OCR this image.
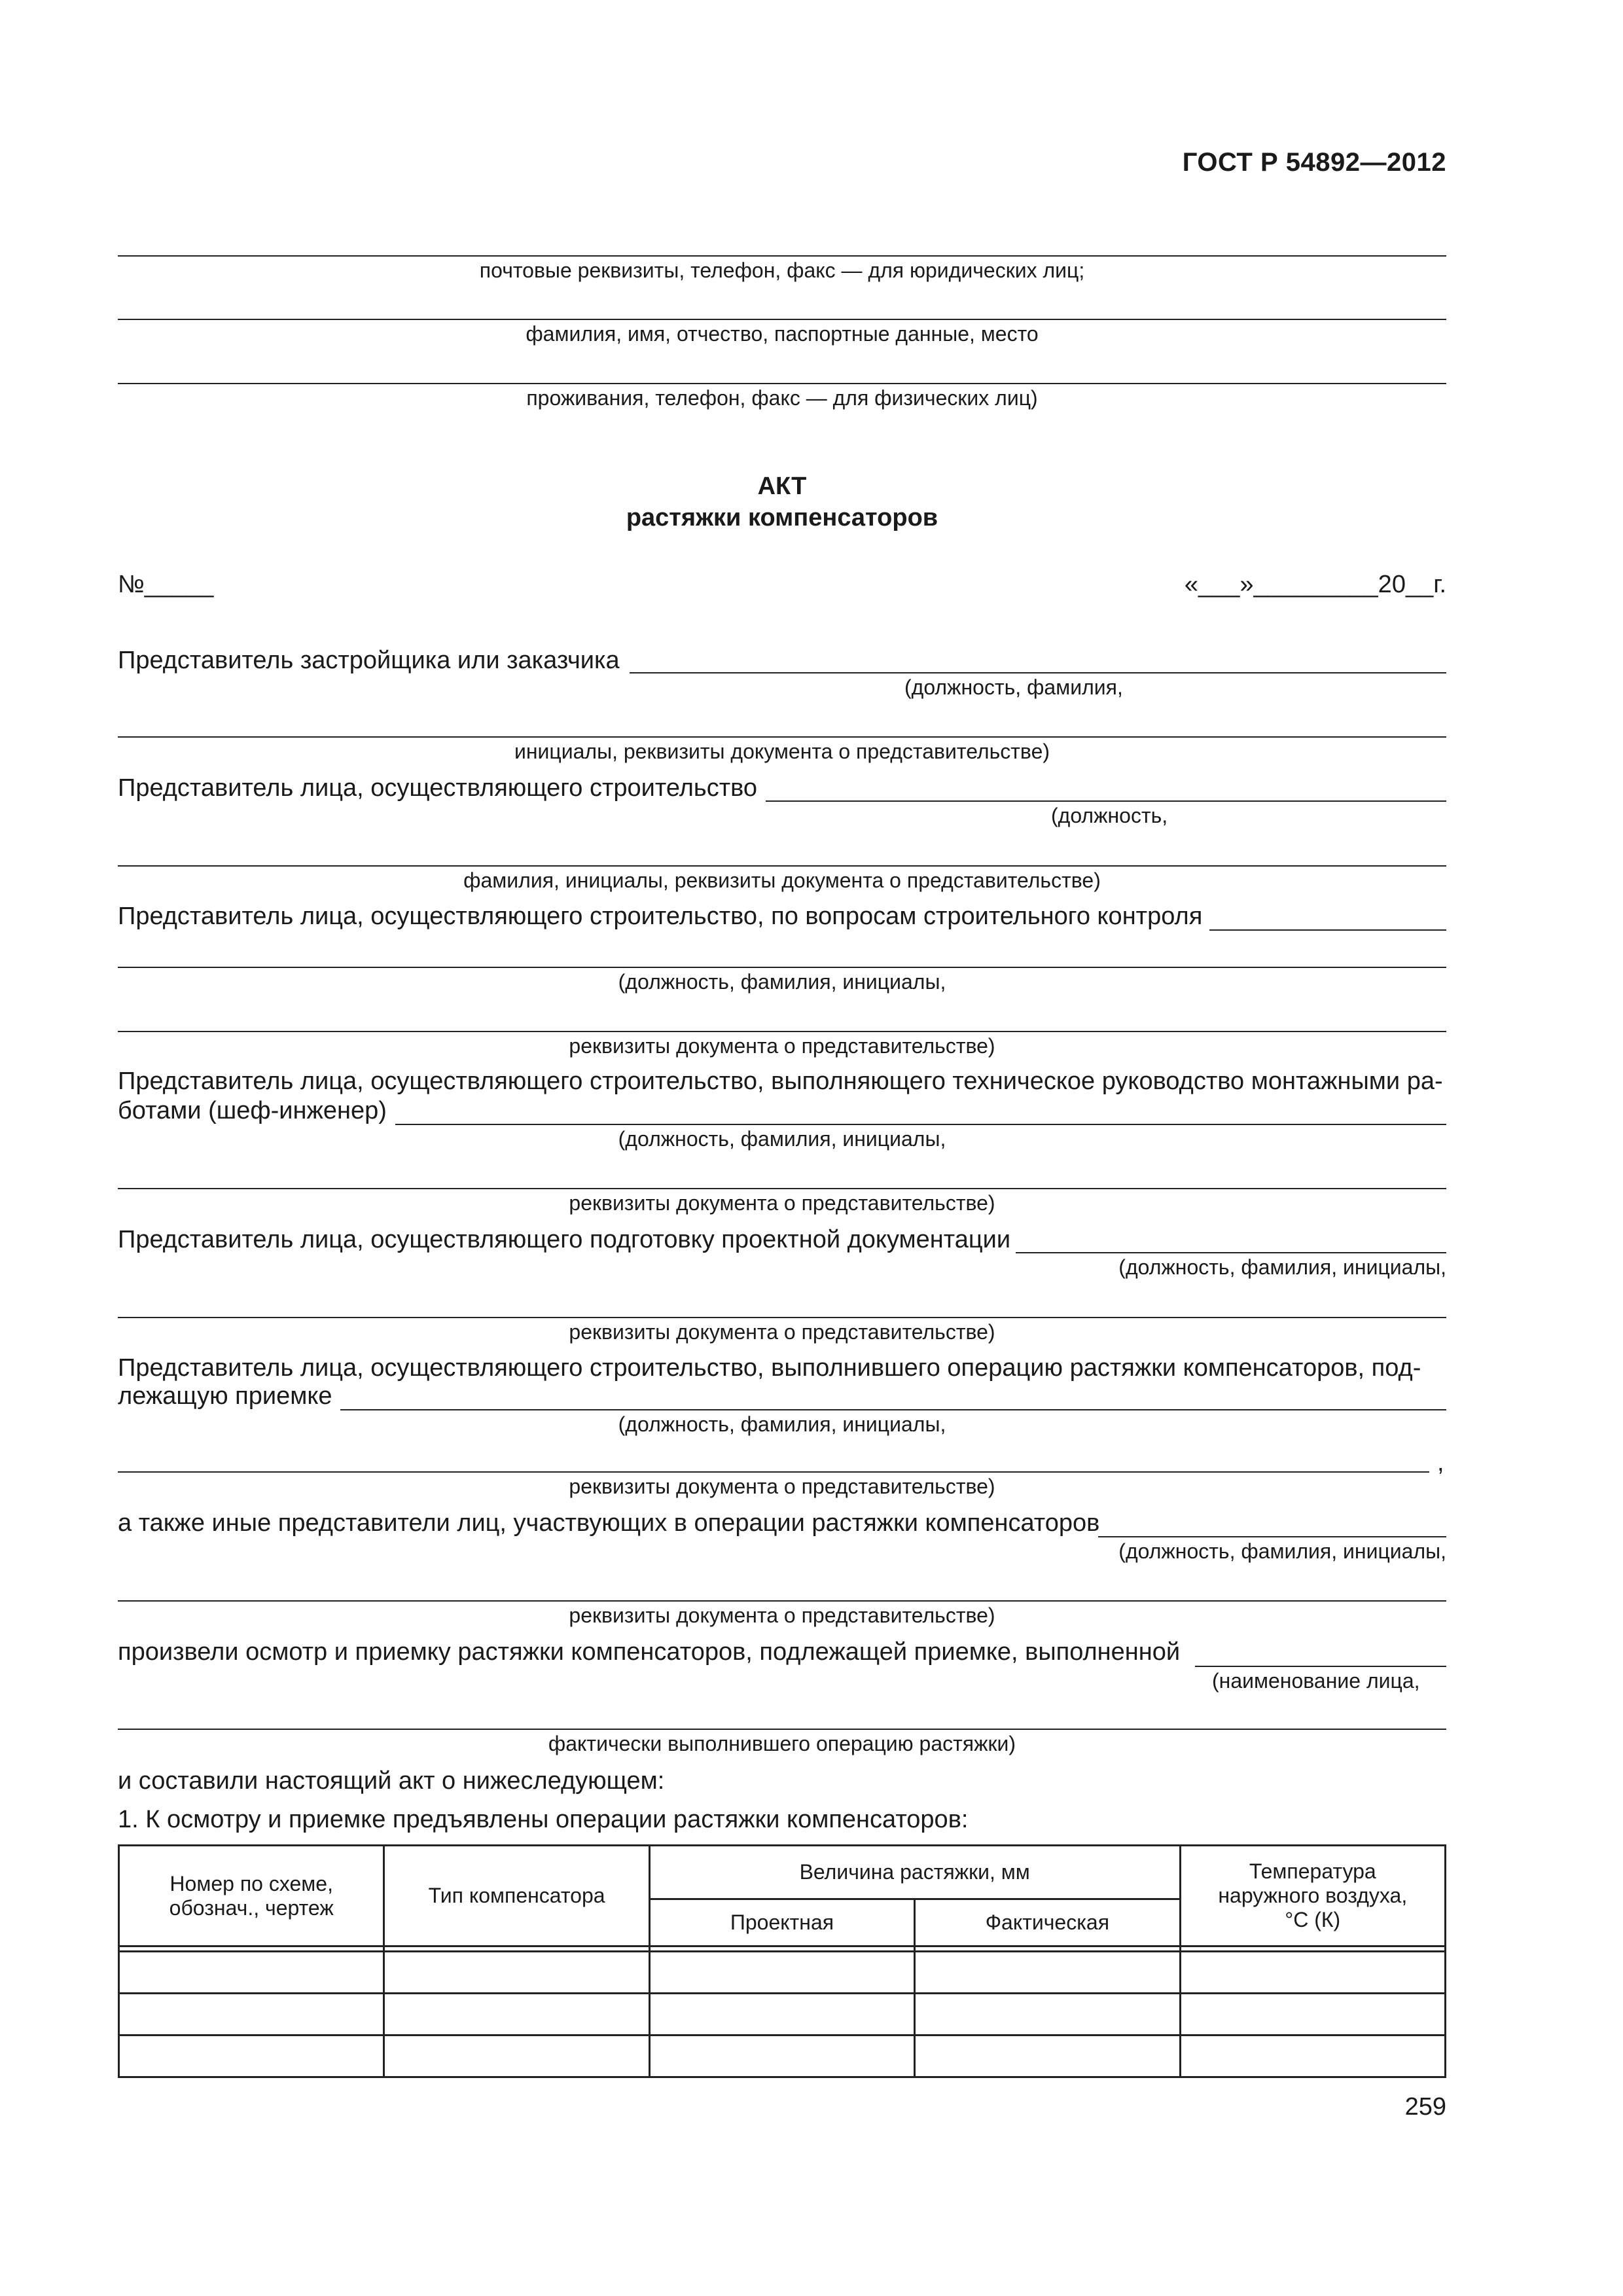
ГОСТ Р 54892—2012
почтовые реквизиты, телефон, факс — для юридических лиц;
фамилия, имя, отчество, паспортные данные, место
проживания, телефон, факс — для физических лиц)
АКТ
растяжки компенсаторов
№_____	«___»_________20__г.
Представитель застройщика или заказчика
(должность, фамилия,
инициалы, реквизиты документа о представительстве)
Представитель лица, осуществляющего строительство
(должность,
фамилия, инициалы, реквизиты документа о представительстве)
Представитель лица, осуществляющего строительство, по вопросам строительного контроля
(должность, фамилия, инициалы,
реквизиты документа о представительстве)
Представитель лица, осуществляющего строительство, выполняющего техническое руководство монтажными ра-
ботами (шеф-инженер)
(должность, фамилия, инициалы,
реквизиты документа о представительстве)
Представитель лица, осуществляющего подготовку проектной документации
(должность, фамилия, инициалы,
реквизиты документа о представительстве)
Представитель лица, осуществляющего строительство, выполнившего операцию растяжки компенсаторов, под-
лежащую приемке
(должность, фамилия, инициалы,
,
реквизиты документа о представительстве)
а также иные представители лиц, участвующих в операции растяжки компенсаторов
(должность, фамилия, инициалы,
реквизиты документа о представительстве)
произвели осмотр и приемку растяжки компенсаторов, подлежащей приемке, выполненной
(наименование лица,
фактически выполнившего операцию растяжки)
и составили настоящий акт о нижеследующем:
1. К осмотру и приемке предъявлены операции растяжки компенсаторов:
Номер по схеме,
обознач., чертеж	Тип компенсатора	Величина растяжки, мм		Температура
наружного воздуха,
°С (К)
		Проектная	Фактическая	

259
